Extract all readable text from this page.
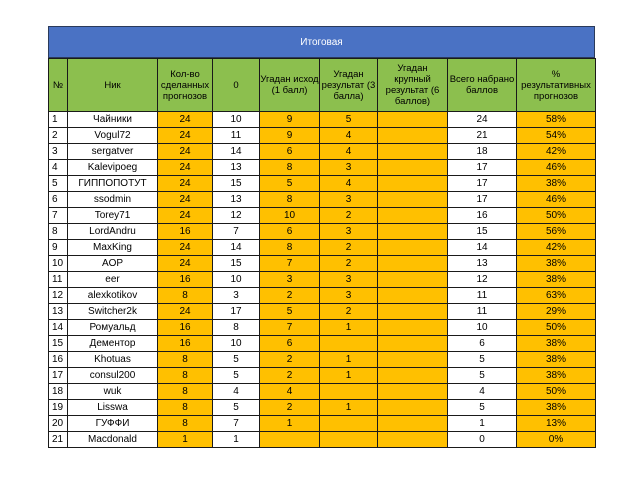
Итоговая
№	Ник	Кол-во сделанных прогнозов	0	Угадан исход (1 балл)	Угадан результат (3 балла)	Угадан крупный результат (6 баллов)	Всего набрано баллов	% результативных прогнозов
1	Чайники	24	10	9	5		24	58%
2	Vogul72	24	11	9	4		21	54%
3	sergatver	24	14	6	4		18	42%
4	Kalevipoeg	24	13	8	3		17	46%
5	ГИППОПОТУТ	24	15	5	4		17	38%
6	ssodmin	24	13	8	3		17	46%
7	Torey71	24	12	10	2		16	50%
8	LordAndru	16	7	6	3		15	56%
9	MaxKing	24	14	8	2		14	42%
10	AOP	24	15	7	2		13	38%
11	eer	16	10	3	3		12	38%
12	alexkotikov	8	3	2	3		11	63%
13	Switcher2k	24	17	5	2		11	29%
14	Ромуальд	16	8	7	1		10	50%
15	Дементор	16	10	6			6	38%
16	Khotuas	8	5	2	1		5	38%
17	consul200	8	5	2	1		5	38%
18	wuk	8	4	4			4	50%
19	Lisswa	8	5	2	1		5	38%
20	ГУФФИ	8	7	1			1	13%
21	Macdonald	1	1				0	0%
